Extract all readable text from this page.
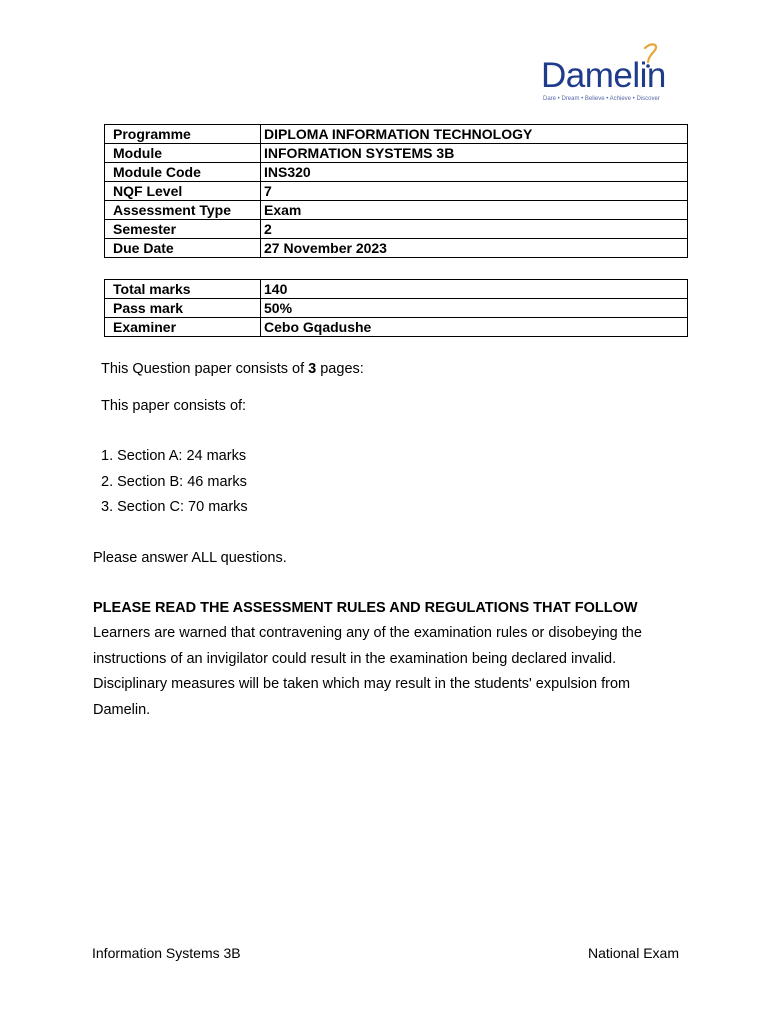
Damelin
Dare • Dream • Believe • Achieve • Discover
Programme	DIPLOMA INFORMATION TECHNOLOGY
Module	INFORMATION SYSTEMS 3B
Module Code	INS320
NQF Level	7
Assessment Type	Exam
Semester	2
Due Date	27 November 2023
Total marks	140
Pass mark	50%
Examiner	Cebo Gqadushe
This Question paper consists of 3 pages:
This paper consists of:
1. Section A: 24 marks
2. Section B: 46 marks
3. Section C: 70 marks
Please answer ALL questions.
PLEASE READ THE ASSESSMENT RULES AND REGULATIONS THAT FOLLOW
Learners are warned that contravening any of the examination rules or disobeying the
instructions of an invigilator could result in the examination being declared invalid.
Disciplinary measures will be taken which may result in the students' expulsion from
Damelin.
Information Systems 3B	National Exam
